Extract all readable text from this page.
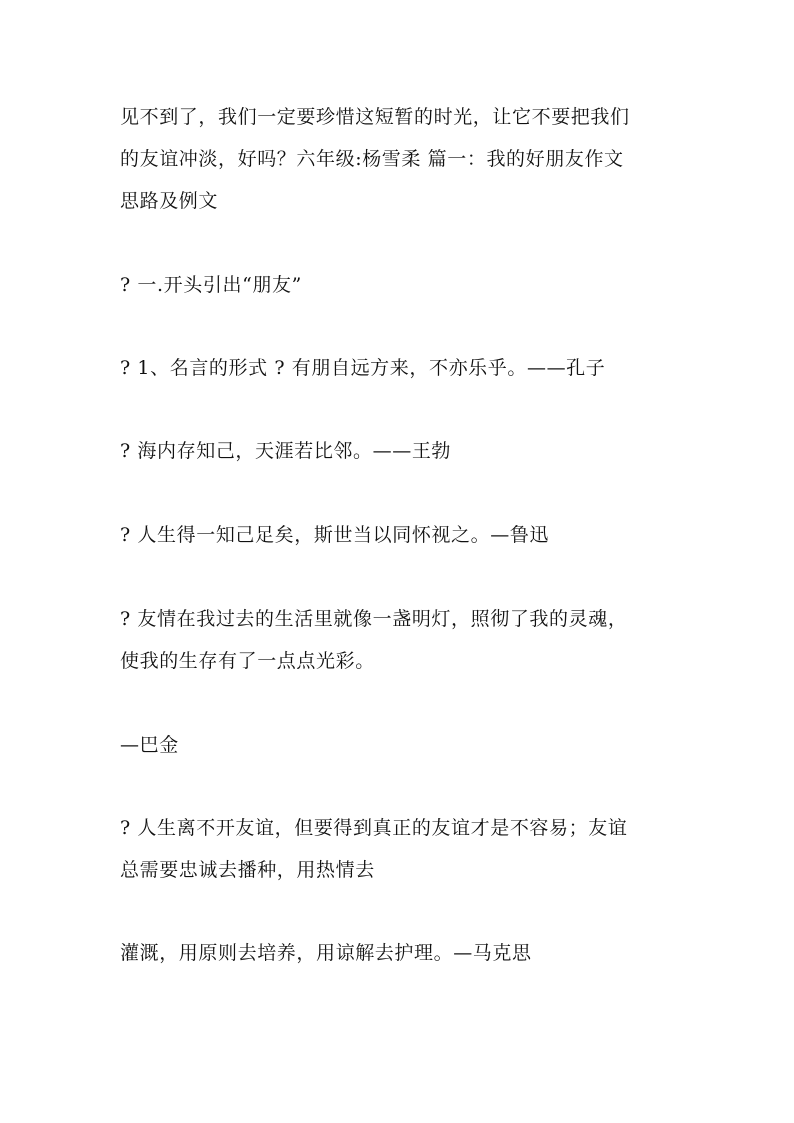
见不到了，我们一定要珍惜这短暂的时光，让它不要把我们
的友谊冲淡，好吗？六年级:杨雪柔 篇一：我的好朋友作文
思路及例文
? 一.开头引出“朋友”
? 1、名言的形式 ? 有朋自远方来，不亦乐乎。——孔子
? 海内存知己，天涯若比邻。——王勃
? 人生得一知己足矣，斯世当以同怀视之。—鲁迅
? 友情在我过去的生活里就像一盏明灯，照彻了我的灵魂，
使我的生存有了一点点光彩。
—巴金
? 人生离不开友谊，但要得到真正的友谊才是不容易；友谊
总需要忠诚去播种，用热情去
灌溉，用原则去培养，用谅解去护理。—马克思
